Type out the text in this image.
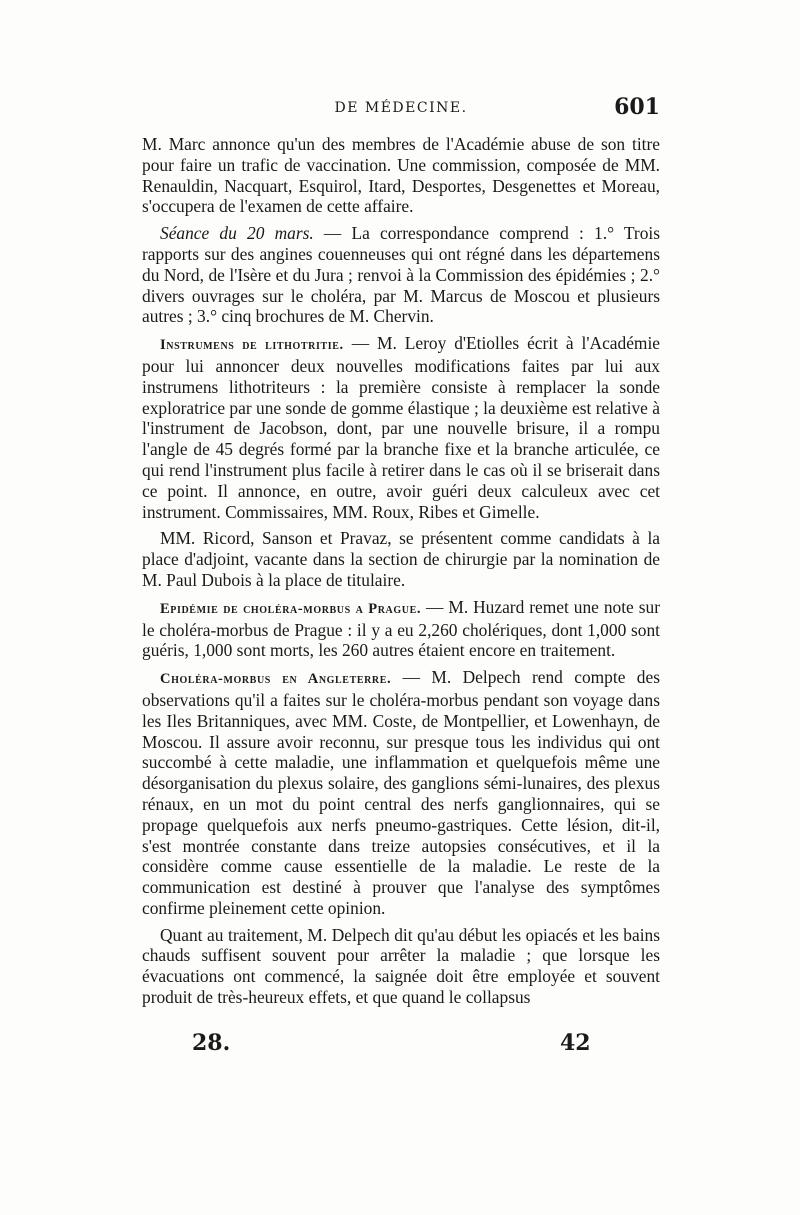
DE MÉDECINE.	601

M. Marc annonce qu'un des membres de l'Académie abuse de son titre pour faire un trafic de vaccination. Une commission, composée de MM. Renauldin, Nacquart, Esquirol, Itard, Desportes, Desgenettes et Moreau, s'occupera de l'examen de cette affaire.

Séance du 20 mars. — La correspondance comprend : 1.° Trois rapports sur des angines couenneuses qui ont régné dans les départemens du Nord, de l'Isère et du Jura ; renvoi à la Commission des épidémies ; 2.° divers ouvrages sur le choléra, par M. Marcus de Moscou et plusieurs autres ; 3.° cinq brochures de M. Chervin.

Instrumens de lithotritie. — M. Leroy d'Etiolles écrit à l'Académie pour lui annoncer deux nouvelles modifications faites par lui aux instrumens lithotriteurs : la première consiste à remplacer la sonde exploratrice par une sonde de gomme élastique ; la deuxième est relative à l'instrument de Jacobson, dont, par une nouvelle brisure, il a rompu l'angle de 45 degrés formé par la branche fixe et la branche articulée, ce qui rend l'instrument plus facile à retirer dans le cas où il se briserait dans ce point. Il annonce, en outre, avoir guéri deux calculeux avec cet instrument. Commissaires, MM. Roux, Ribes et Gimelle.

MM. Ricord, Sanson et Pravaz, se présentent comme candidats à la place d'adjoint, vacante dans la section de chirurgie par la nomination de M. Paul Dubois à la place de titulaire.

Epidémie de choléra-morbus a Prague. — M. Huzard remet une note sur le choléra-morbus de Prague : il y a eu 2,260 cholériques, dont 1,000 sont guéris, 1,000 sont morts, les 260 autres étaient encore en traitement.

Choléra-morbus en Angleterre. — M. Delpech rend compte des observations qu'il a faites sur le choléra-morbus pendant son voyage dans les Iles Britanniques, avec MM. Coste, de Montpellier, et Lowenhayn, de Moscou. Il assure avoir reconnu, sur presque tous les individus qui ont succombé à cette maladie, une inflammation et quelquefois même une désorganisation du plexus solaire, des ganglions sémi-lunaires, des plexus rénaux, en un mot du point central des nerfs ganglionnaires, qui se propage quelquefois aux nerfs pneumo-gastriques. Cette lésion, dit-il, s'est montrée constante dans treize autopsies consécutives, et il la considère comme cause essentielle de la maladie. Le reste de la communication est destiné à prouver que l'analyse des symptômes confirme pleinement cette opinion.

Quant au traitement, M. Delpech dit qu'au début les opiacés et les bains chauds suffisent souvent pour arrêter la maladie ; que lorsque les évacuations ont commencé, la saignée doit être employée et souvent produit de très-heureux effets, et que quand le collapsus

28.	42
